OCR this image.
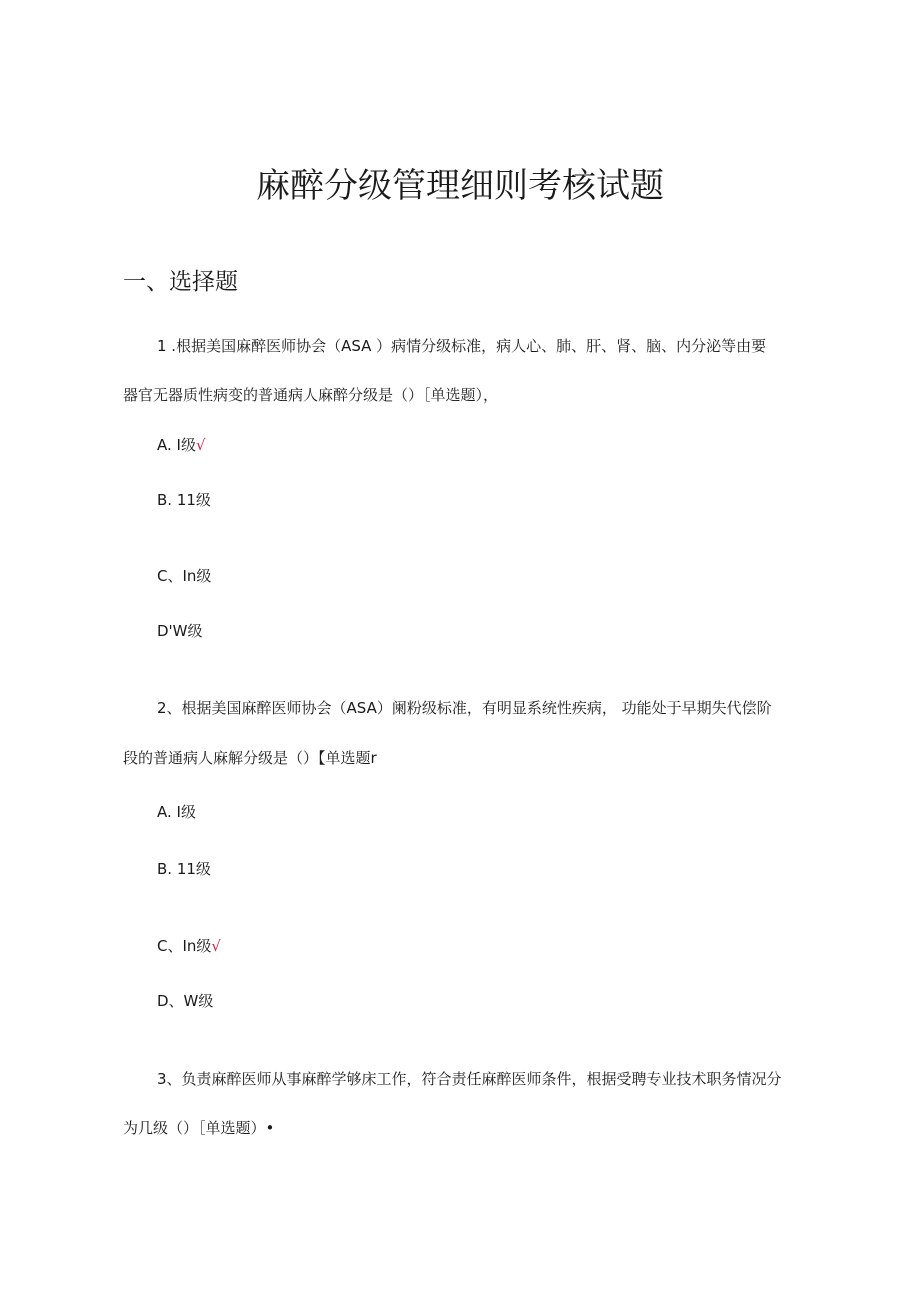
麻醉分级管理细则考核试题
一、选择题
1 .根据美国麻醉医师协会（ASA ）病情分级标准，病人心、肺、肝、肾、脑、内分泌等由要
器官无器质性病变的普通病人麻醉分级是（）［单选题），
A. I级√
B. 11级
C、In级
D'W级
2、根据美国麻醉医师协会（ASA）阑粉级标准，有明显系统性疾病， 功能处于早期失代偿阶
段的普通病人麻解分级是（）【单选题r
A. I级
B. 11级
C、In级√
D、W级
3、负责麻醉医师从事麻醉学够床工作，符合责任麻醉医师条件，根据受聘专业技术职务情况分
为几级（）［单选题）•
